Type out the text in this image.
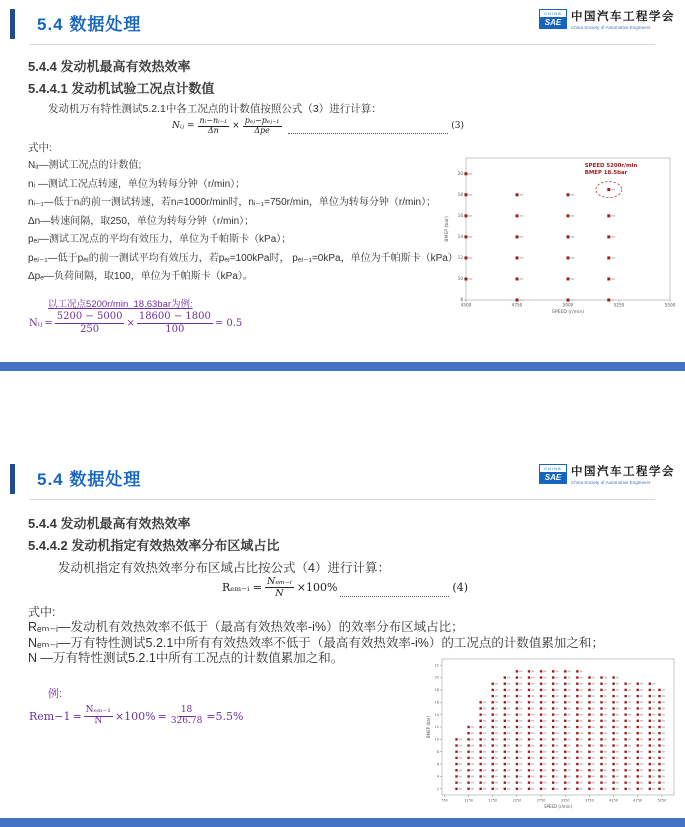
5.4 数据处理
CHINA
SAE 中国汽车工程学会
China Society of Automotive Engineers
5.4.4 发动机最高有效热效率
5.4.4.1 发动机试验工况点计数值
发动机万有特性测试5.2.1中各工况点的计数值按照公式（3）进行计算：
Nᵢⱼ
= $\frac{\text{nᵢ−nᵢ₋₁}}{\Delta n} \times \frac{\text{pₑⱼ−pₑⱼ₋₁}}{\text{Δpe}}$	(3)
式中:
Nᵢⱼ—测试工况点的计数值;
nᵢ —测试工况点转速，单位为转每分钟（r/min）；
nᵢ₋₁—低于nᵢ的前一测试转速，若nᵢ=1000r/min时，nᵢ₋₁=750r/min，单位为转每分钟（r/min）；
Δn—转速间隔，取250，单位为转每分钟（r/min）；
pₑⱼ—测试工况点的平均有效压力，单位为千帕斯卡（kPa）；
pₑⱼ₋₁—低于pₑⱼ的前一测试平均有效压力，若pₑⱼ=100kPa时， pₑⱼ₋₁=0kPa，单位为千帕斯卡（kPa）
Δpₑ—负荷间隔，取100，单位为千帕斯卡（kPa）。
以工况点5200r/min_18.63bar为例:
Nᵢⱼ = $\frac{5200 - 5000}{250} \times \frac{18600 - 1800}{100} = 0.5$
4500	4750	5000	5250	5500
8
10
12
14
16
18
20
SPEED (r/min)
BMEP (bar)
SPEED 5200r/min
BMEP 18.5bar
5.4 数据处理
CHINA
SAE 中国汽车工程学会
China Society of Automotive Engineers
5.4.4 发动机最高有效热效率
5.4.4.2 发动机指定有效热效率分布区域占比
发动机指定有效热效率分布区域占比按公式（4）进行计算：
Rₑₘ₋ᵢ
= $\frac{\text{Nₑₘ₋ᵢ}}{N} \times 100\%$	(4)
式中:
Rₑₘ₋ᵢ—发动机有效热效率不低于（最高有效热效率-i%）的效率分布区域占比；
Nₑₘ₋ᵢ—万有特性测试5.2.1中所有有效热效率不低于（最高有效热效率-i%）的工况点的计数值累加之和；
N —万有特性测试5.2.1中所有工况点的计数值累加之和。
例:
$Rem-1 = \frac{\text{Nₑₘ₋₁}}{N} \times 100\% = \frac{18}{326.78} =5.5\%$
750	1250	1750	2250	2750	3250	3750	4250	4750	5250
2
4
6
8
10
12
14
16
18
20
22
SPEED (r/min)
BMEP (bar)
